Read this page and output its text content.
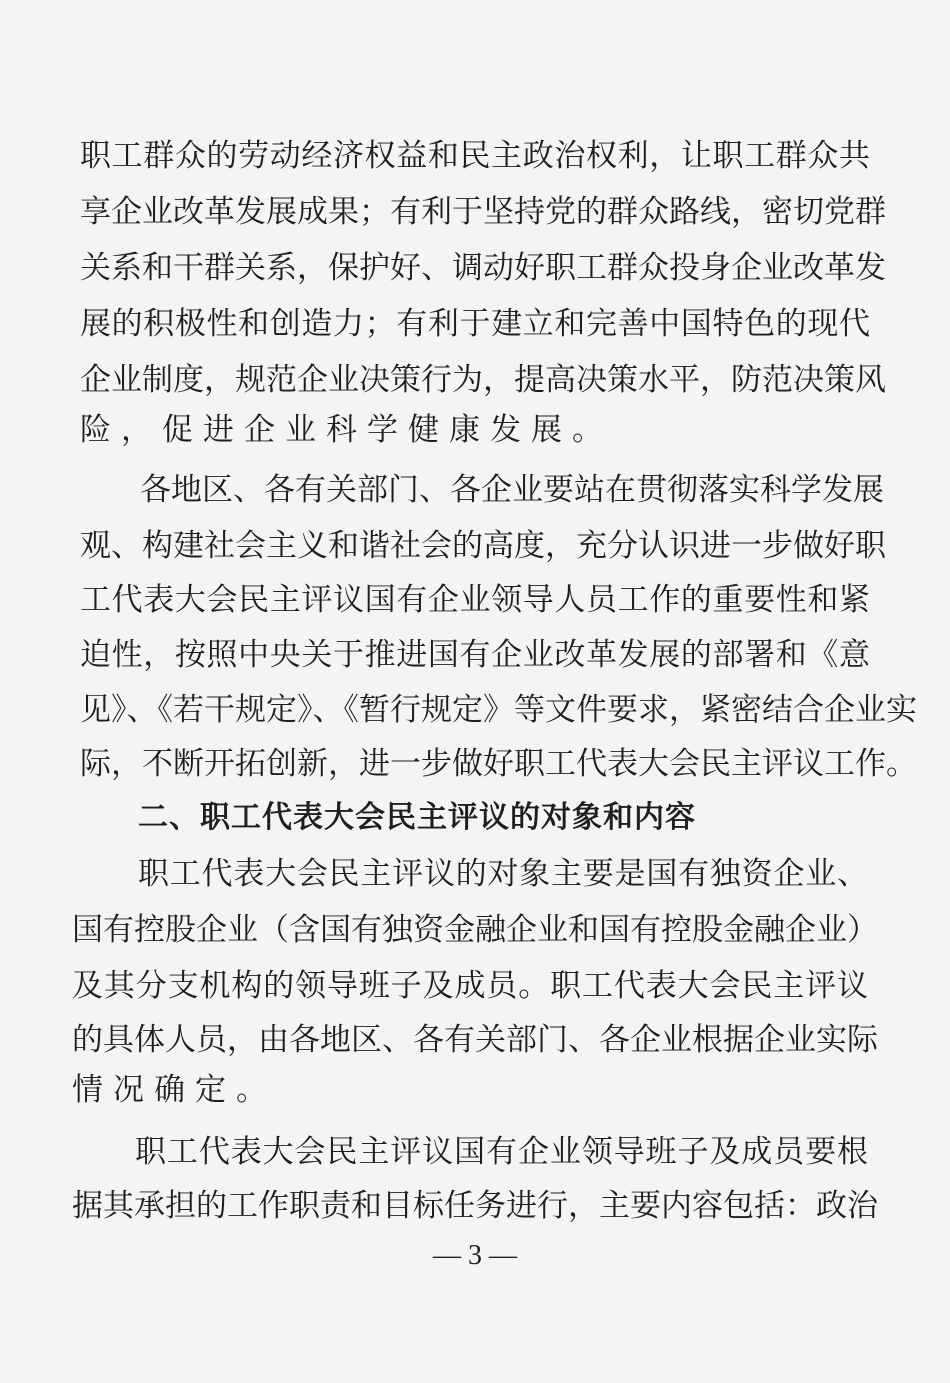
职工群众的劳动经济权益和民主政治权利，让职工群众共
享企业改革发展成果；有利于坚持党的群众路线，密切党群
关系和干群关系，保护好、调动好职工群众投身企业改革发
展的积极性和创造力；有利于建立和完善中国特色的现代
企业制度，规范企业决策行为，提高决策水平，防范决策风
险，促进企业科学健康发展。
各地区、各有关部门、各企业要站在贯彻落实科学发展
观、构建社会主义和谐社会的高度，充分认识进一步做好职
工代表大会民主评议国有企业领导人员工作的重要性和紧
迫性，按照中央关于推进国有企业改革发展的部署和《意
见》、《若干规定》、《暂行规定》等文件要求，紧密结合企业实
际，不断开拓创新，进一步做好职工代表大会民主评议工作。
二、职工代表大会民主评议的对象和内容
职工代表大会民主评议的对象主要是国有独资企业、
国有控股企业（含国有独资金融企业和国有控股金融企业）
及其分支机构的领导班子及成员。职工代表大会民主评议
的具体人员，由各地区、各有关部门、各企业根据企业实际
情况确定。
职工代表大会民主评议国有企业领导班子及成员要根
据其承担的工作职责和目标任务进行，主要内容包括：政治
— 3 —
